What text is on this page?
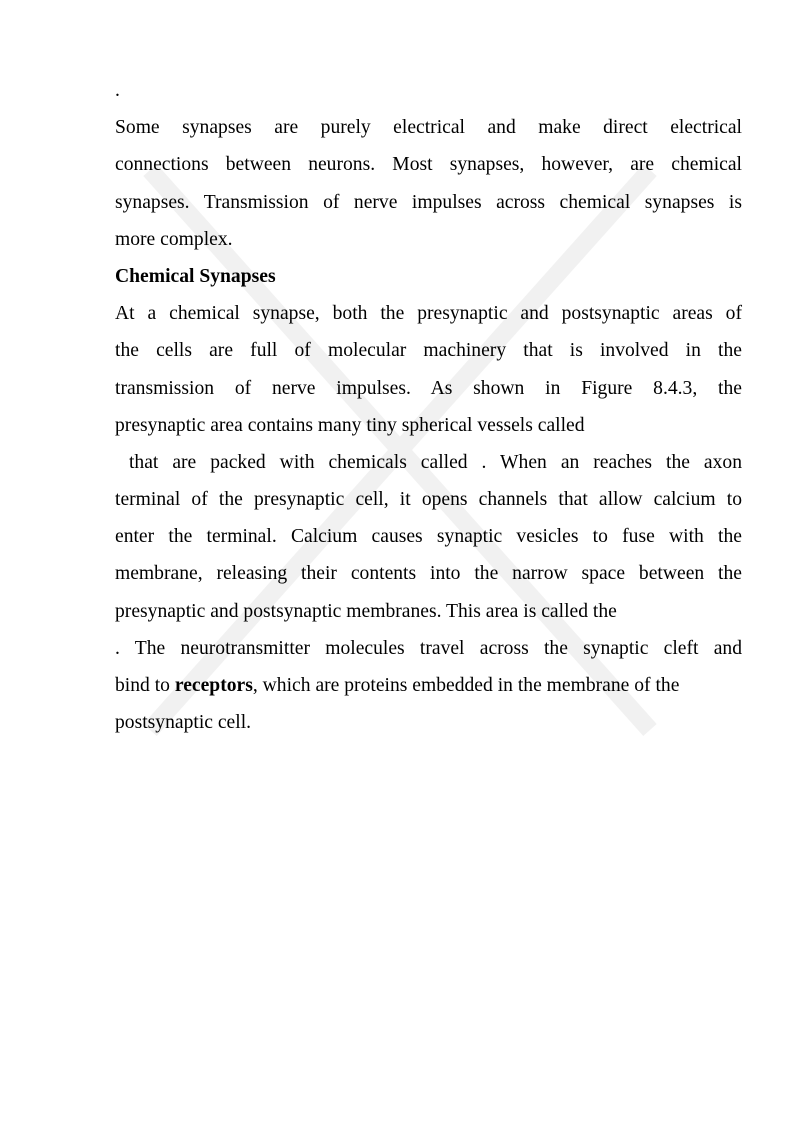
.
Some synapses are purely electrical and make direct electrical
connections between neurons. Most synapses, however, are chemical
synapses. Transmission of nerve impulses across chemical synapses is
more complex.
Chemical Synapses
At a chemical synapse, both the presynaptic and postsynaptic areas of
the cells are full of molecular machinery that is involved in the
transmission of nerve impulses. As shown in Figure 8.4.3, the
presynaptic area contains many tiny spherical vessels called
that are packed with chemicals called . When an reaches the axon
terminal of the presynaptic cell, it opens channels that allow calcium to
enter the terminal. Calcium causes synaptic vesicles to fuse with the
membrane, releasing their contents into the narrow space between the
presynaptic and postsynaptic membranes. This area is called the
. The neurotransmitter molecules travel across the synaptic cleft and
bind to receptors, which are proteins embedded in the membrane of the
postsynaptic cell.
